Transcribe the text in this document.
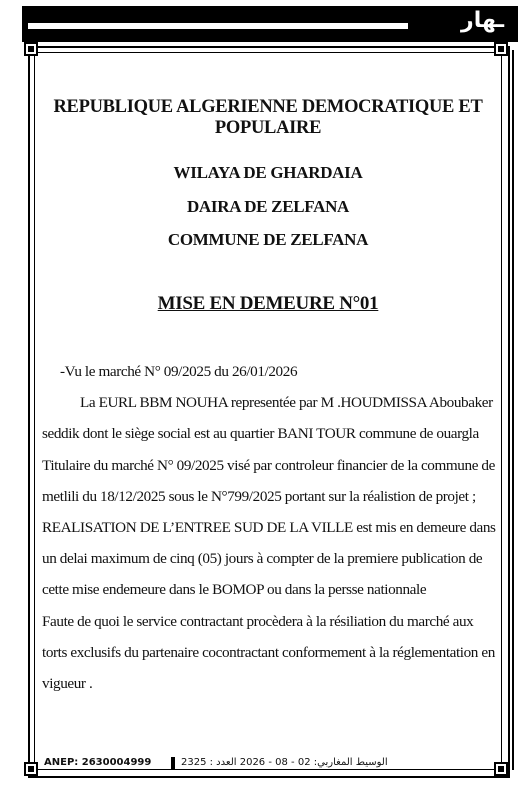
ـهار
REPUBLIQUE ALGERIENNE DEMOCRATIQUE ET POPULAIRE
WILAYA DE GHARDAIA
DAIRA DE ZELFANA
COMMUNE DE ZELFANA
MISE EN DEMEURE N°01

-Vu le marché N° 09/2025 du 26/01/2026

La EURL BBM NOUHA representée par M .HOUDMISSA Aboubaker

seddik dont le siège social est au quartier BANI TOUR commune de ouargla

Titulaire du marché N° 09/2025 visé par controleur financier de la commune de

metlili du 18/12/2025 sous le N°799/2025 portant sur la réalistion de projet ;

REALISATION DE L’ENTREE SUD DE LA VILLE est mis en demeure dans

un delai maximum de cinq (05) jours à compter de la premiere publication de

cette mise endemeure dans le BOMOP ou dans la persse nationnale

Faute de quoi le service contractant procèdera à la résiliation du marché aux

torts exclusifs du partenaire cocontractant conformement à la réglementation en

vigueur .

ANEP: 2630004999	الوسيط المغاربي: 02 - 08 - 2026 العدد : 2325
